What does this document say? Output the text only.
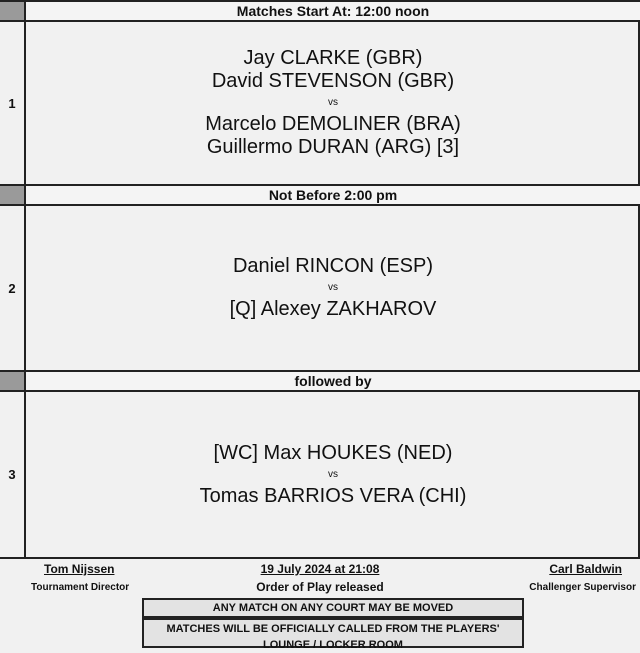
Matches Start At: 12:00 noon
1
Jay CLARKE (GBR)
David STEVENSON (GBR)
vs
Marcelo DEMOLINER (BRA)
Guillermo DURAN (ARG) [3]
Not Before 2:00 pm
2
Daniel RINCON (ESP)
vs
[Q] Alexey ZAKHAROV
followed by
3
[WC] Max HOUKES (NED)
vs
Tomas BARRIOS VERA (CHI)
Tom Nijssen
Tournament Director
19 July 2024 at 21:08
Order of Play released
Carl Baldwin
Challenger Supervisor
ANY MATCH ON ANY COURT MAY BE MOVED
MATCHES WILL BE OFFICIALLY CALLED FROM THE PLAYERS'
LOUNGE / LOCKER ROOM
